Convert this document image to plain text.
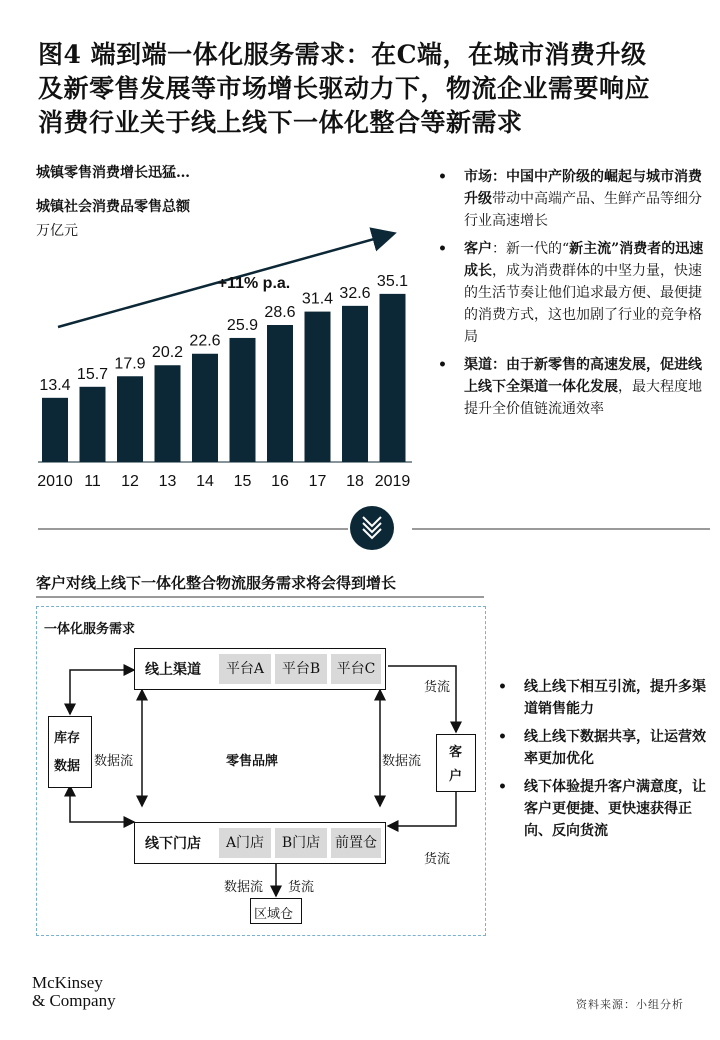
图4 端到端一体化服务需求：在C端，在城市消费升级
及新零售发展等市场增长驱动力下，物流企业需要响应
消费行业关于线上线下一体化整合等新需求
城镇零售消费增长迅猛…
城镇社会消费品零售总额
万亿元
+11% p.a.
13.4
15.7
17.9
20.2
22.6
25.9
28.6
31.4 32.6
35.1
2010 11 12 13 14 15 16 17 18 2019
• 市场：中国中产阶级的崛起与城市消费升级带动中高端产品、生鲜产品等细分行业高速增长
• 客户：新一代的“新主流”消费者的迅速成长，成为消费群体的中坚力量，快速的生活节奏让他们追求最方便、最便捷的消费方式，这也加剧了行业的竞争格局
• 渠道：由于新零售的高速发展，促进线上线下全渠道一体化发展，最大程度地提升全价值链流通效率
客户对线上线下一体化整合物流服务需求将会得到增长
一体化服务需求
线上渠道	平台A	平台B	平台C
线下门店	A门店	B门店	前置仓
库存
数据
客
户
数据流	零售品牌	数据流
货流
货流
数据流 货流
区域仓
• 线上线下相互引流，提升多渠道销售能力
• 线上线下数据共享，让运营效率更加优化
• 线下体验提升客户满意度，让客户更便捷、更快速获得正向、反向货流
McKinsey
& Company	资料来源：小组分析
